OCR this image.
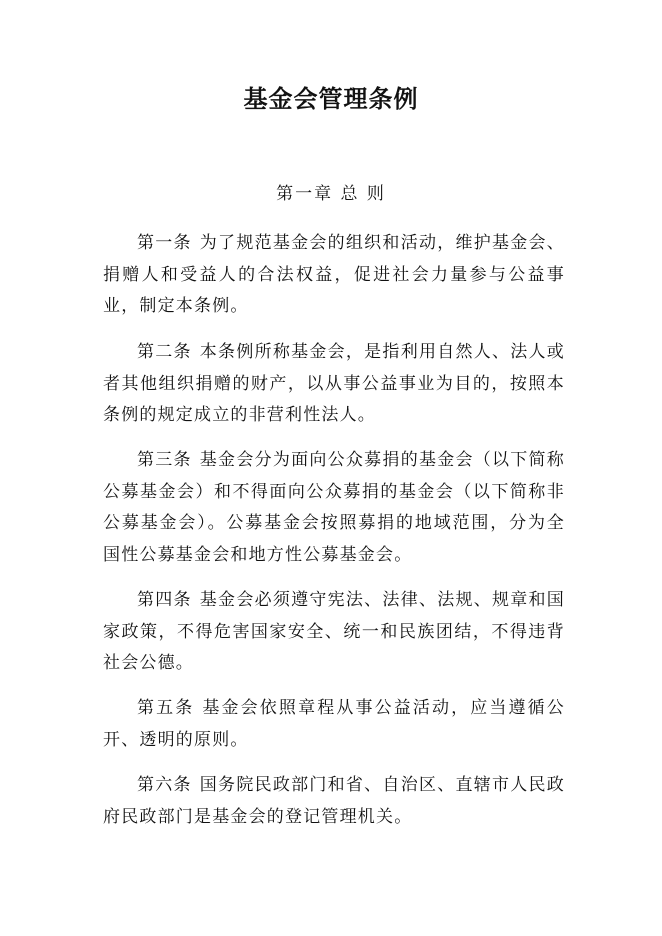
基金会管理条例
第一章 总 则

第一条 为了规范基金会的组织和活动，维护基金会、捐赠人和受益人的合法权益，促进社会力量参与公益事业，制定本条例。

第二条 本条例所称基金会，是指利用自然人、法人或者其他组织捐赠的财产，以从事公益事业为目的，按照本条例的规定成立的非营利性法人。

第三条 基金会分为面向公众募捐的基金会（以下简称公募基金会）和不得面向公众募捐的基金会（以下简称非公募基金会）。公募基金会按照募捐的地域范围，分为全国性公募基金会和地方性公募基金会。

第四条 基金会必须遵守宪法、法律、法规、规章和国家政策，不得危害国家安全、统一和民族团结，不得违背社会公德。

第五条 基金会依照章程从事公益活动，应当遵循公开、透明的原则。

第六条 国务院民政部门和省、自治区、直辖市人民政府民政部门是基金会的登记管理机关。
